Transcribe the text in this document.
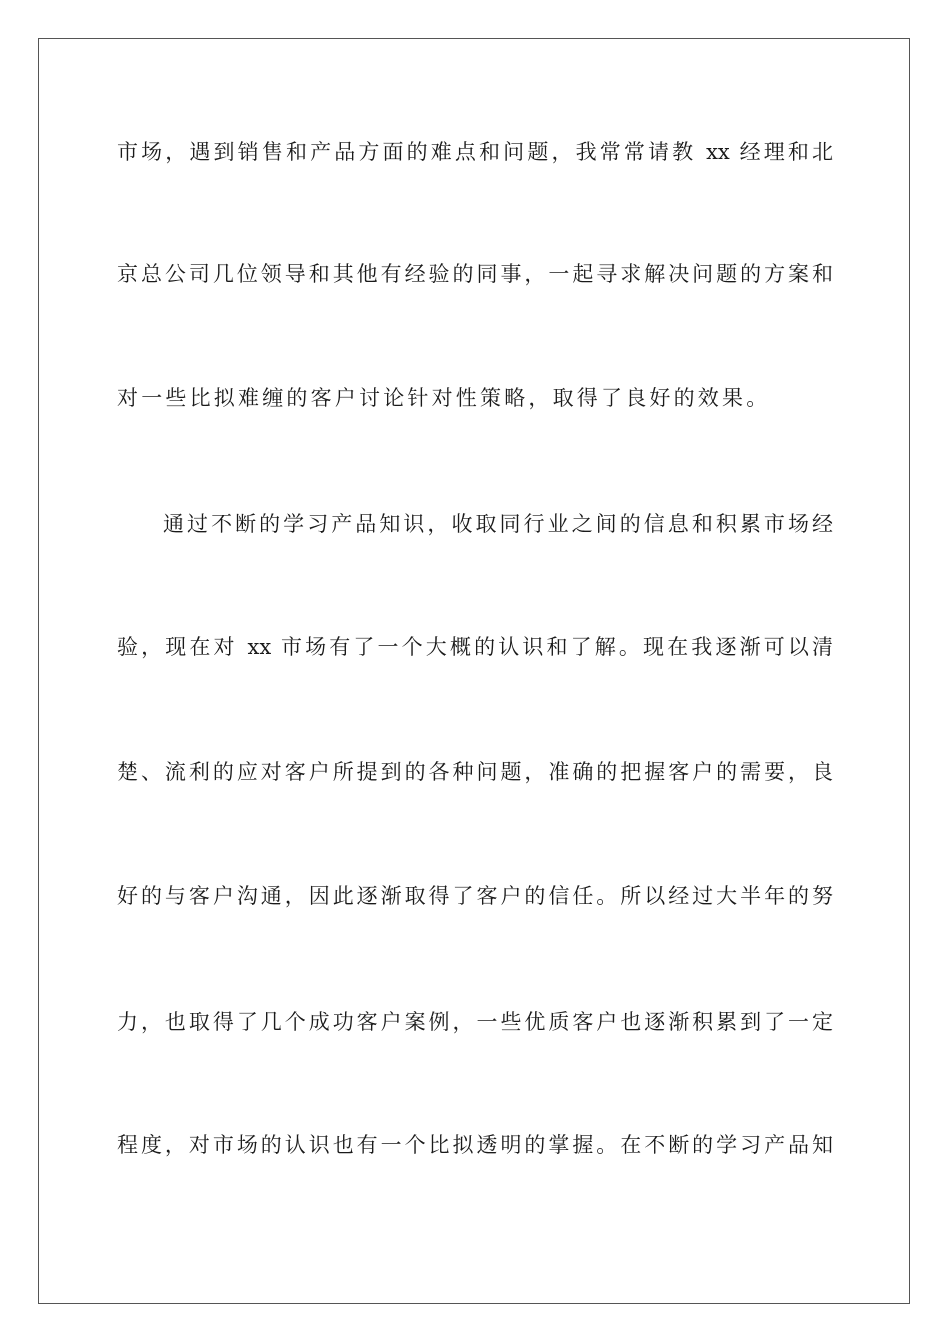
市场，遇到销售和产品方面的难点和问题，我常常请教 xx 经理和北
京总公司几位领导和其他有经验的同事，一起寻求解决问题的方案和
对一些比拟难缠的客户讨论针对性策略，取得了良好的效果。
通过不断的学习产品知识，收取同行业之间的信息和积累市场经
验，现在对 xx 市场有了一个大概的认识和了解。现在我逐渐可以清
楚、流利的应对客户所提到的各种问题，准确的把握客户的需要，良
好的与客户沟通，因此逐渐取得了客户的信任。所以经过大半年的努
力，也取得了几个成功客户案例，一些优质客户也逐渐积累到了一定
程度，对市场的认识也有一个比拟透明的掌握。在不断的学习产品知
